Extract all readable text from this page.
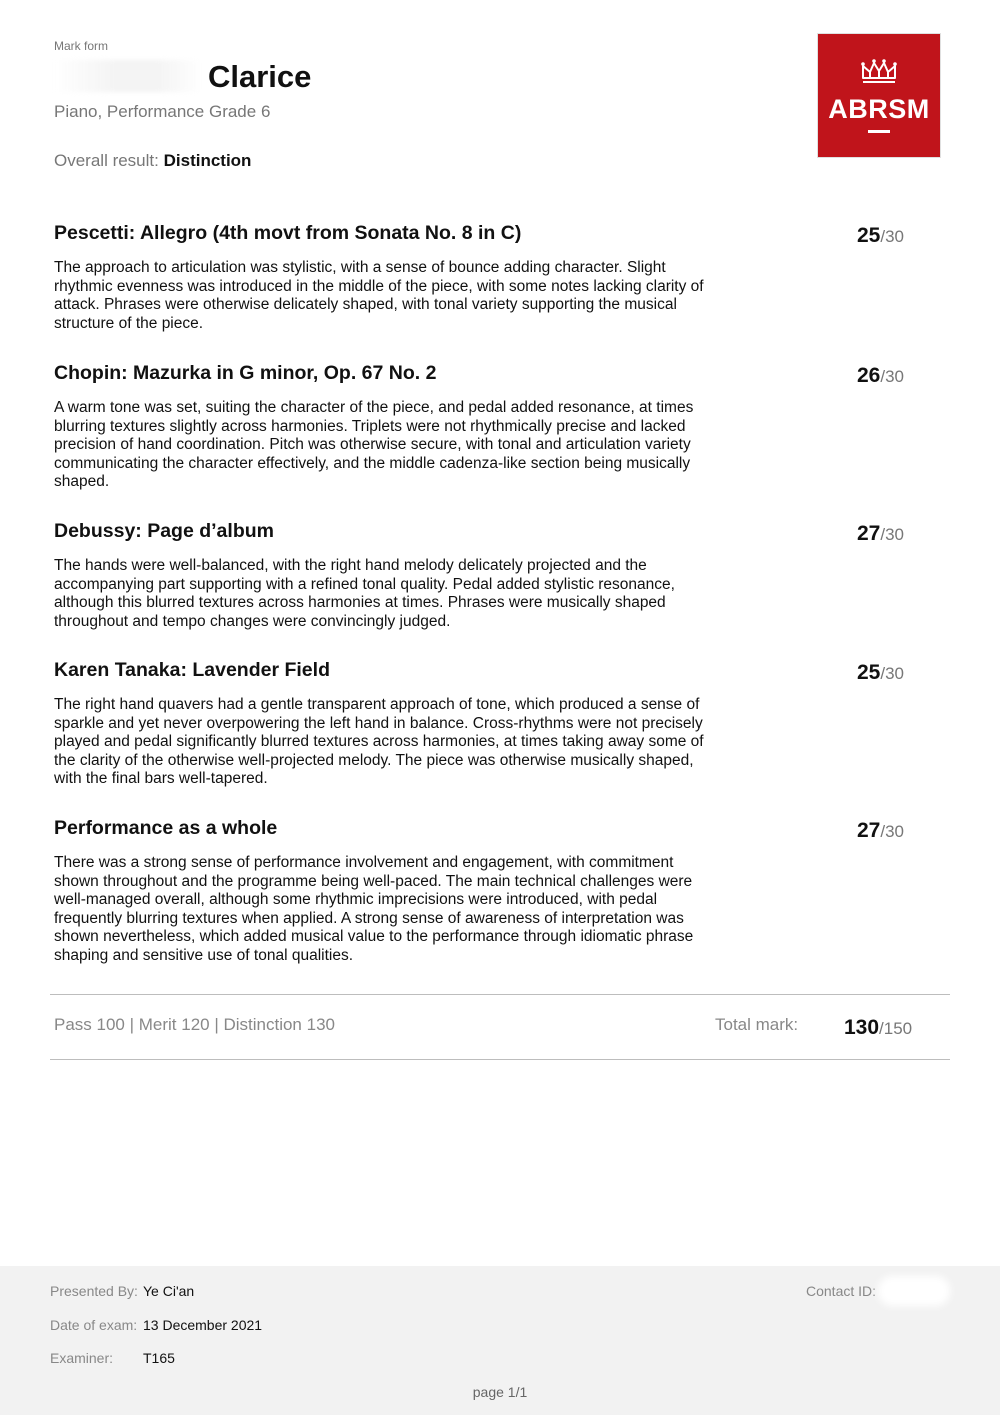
Mark form
Clarice
Piano, Performance Grade 6
Overall result: Distinction
ABRSM
Pescetti: Allegro (4th movt from Sonata No. 8 in C)
The approach to articulation was stylistic, with a sense of bounce adding character. Slight rhythmic evenness was introduced in the middle of the piece, with some notes lacking clarity of attack. Phrases were otherwise delicately shaped, with tonal variety supporting the musical structure of the piece.
25/30
Chopin: Mazurka in G minor, Op. 67 No. 2
A warm tone was set, suiting the character of the piece, and pedal added resonance, at times blurring textures slightly across harmonies. Triplets were not rhythmically precise and lacked precision of hand coordination. Pitch was otherwise secure, with tonal and articulation variety communicating the character effectively, and the middle cadenza-like section being musically shaped.
26/30
Debussy: Page d’album
The hands were well-balanced, with the right hand melody delicately projected and the accompanying part supporting with a refined tonal quality. Pedal added stylistic resonance, although this blurred textures across harmonies at times. Phrases were musically shaped throughout and tempo changes were convincingly judged.
27/30
Karen Tanaka: Lavender Field
The right hand quavers had a gentle transparent approach of tone, which produced a sense of sparkle and yet never overpowering the left hand in balance. Cross-rhythms were not precisely played and pedal significantly blurred textures across harmonies, at times taking away some of the clarity of the otherwise well-projected melody. The piece was otherwise musically shaped, with the final bars well-tapered.
25/30
Performance as a whole
There was a strong sense of performance involvement and engagement, with commitment shown throughout and the programme being well-paced. The main technical challenges were well-managed overall, although some rhythmic imprecisions were introduced, with pedal frequently blurring textures when applied. A strong sense of awareness of interpretation was shown nevertheless, which added musical value to the performance through idiomatic phrase shaping and sensitive use of tonal qualities.
27/30
Pass 100 | Merit 120 | Distinction 130	Total mark: 130/150
Presented By: Ye Ci'an
Date of exam: 13 December 2021
Examiner: T165
Contact ID:
page 1/1
